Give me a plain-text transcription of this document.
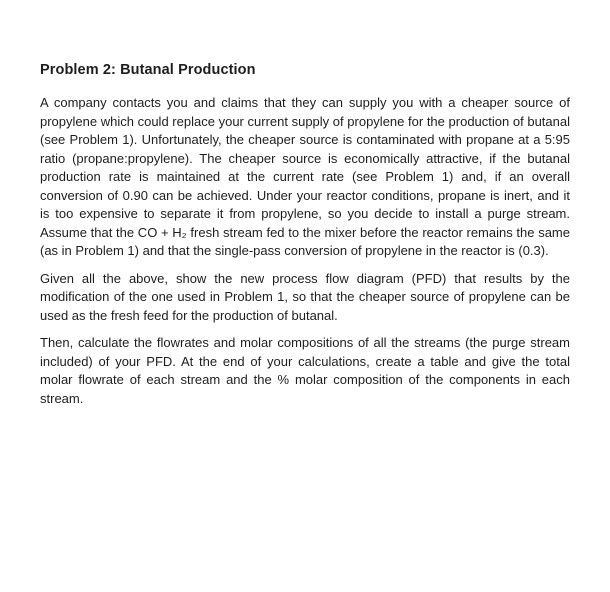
Problem 2: Butanal Production

A company contacts you and claims that they can supply you with a cheaper source of propylene which could replace your current supply of propylene for the production of butanal (see Problem 1). Unfortunately, the cheaper source is contaminated with propane at a 5:95 ratio (propane:propylene). The cheaper source is economically attractive, if the butanal production rate is maintained at the current rate (see Problem 1) and, if an overall conversion of 0.90 can be achieved. Under your reactor conditions, propane is inert, and it is too expensive to separate it from propylene, so you decide to install a purge stream. Assume that the CO + H₂ fresh stream fed to the mixer before the reactor remains the same (as in Problem 1) and that the single-pass conversion of propylene in the reactor is (0.3).

Given all the above, show the new process flow diagram (PFD) that results by the modification of the one used in Problem 1, so that the cheaper source of propylene can be used as the fresh feed for the production of butanal.

Then, calculate the flowrates and molar compositions of all the streams (the purge stream included) of your PFD. At the end of your calculations, create a table and give the total molar flowrate of each stream and the % molar composition of the components in each stream.
